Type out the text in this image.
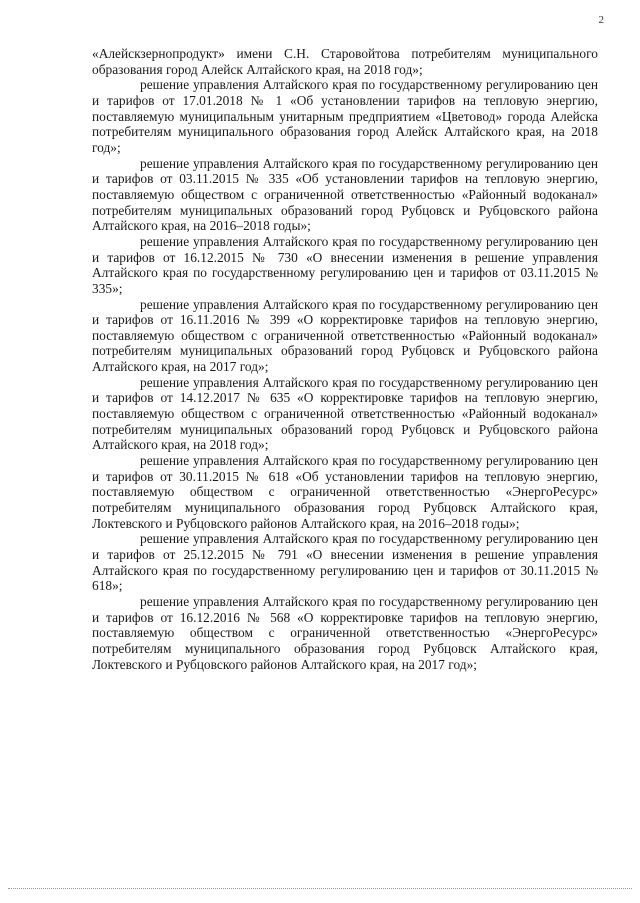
2

«Алейскзернопродукт» имени С.Н. Старовойтова потребителям муниципального образования город Алейск Алтайского края, на 2018 год»;

решение управления Алтайского края по государственному регулированию цен и тарифов от 17.01.2018 № 1 «Об установлении тарифов на тепловую энергию, поставляемую муниципальным унитарным предприятием «Цветовод» города Алейска потребителям муниципального образования город Алейск Алтайского края, на 2018 год»;

решение управления Алтайского края по государственному регулированию цен и тарифов от 03.11.2015 № 335 «Об установлении тарифов на тепловую энергию, поставляемую обществом с ограниченной ответственностью «Районный водоканал» потребителям муниципальных образований город Рубцовск и Рубцовского района Алтайского края, на 2016–2018 годы»;

решение управления Алтайского края по государственному регулированию цен и тарифов от 16.12.2015 № 730 «О внесении изменения в решение управления Алтайского края по государственному регулированию цен и тарифов от 03.11.2015 № 335»;

решение управления Алтайского края по государственному регулированию цен и тарифов от 16.11.2016 № 399 «О корректировке тарифов на тепловую энергию, поставляемую обществом с ограниченной ответственностью «Районный водоканал» потребителям муниципальных образований город Рубцовск и Рубцовского района Алтайского края, на 2017 год»;

решение управления Алтайского края по государственному регулированию цен и тарифов от 14.12.2017 № 635 «О корректировке тарифов на тепловую энергию, поставляемую обществом с ограниченной ответственностью «Районный водоканал» потребителям муниципальных образований город Рубцовск и Рубцовского района Алтайского края, на 2018 год»;

решение управления Алтайского края по государственному регулированию цен и тарифов от 30.11.2015 № 618 «Об установлении тарифов на тепловую энергию, поставляемую обществом с ограниченной ответственностью «ЭнергоРесурс» потребителям муниципального образования город Рубцовск Алтайского края, Локтевского и Рубцовского районов Алтайского края, на 2016–2018 годы»;

решение управления Алтайского края по государственному регулированию цен и тарифов от 25.12.2015 № 791 «О внесении изменения в решение управления Алтайского края по государственному регулированию цен и тарифов от 30.11.2015 № 618»;

решение управления Алтайского края по государственному регулированию цен и тарифов от 16.12.2016 № 568 «О корректировке тарифов на тепловую энергию, поставляемую обществом с ограниченной ответственностью «ЭнергоРесурс» потребителям муниципального образования город Рубцовск Алтайского края, Локтевского и Рубцовского районов Алтайского края, на 2017 год»;
